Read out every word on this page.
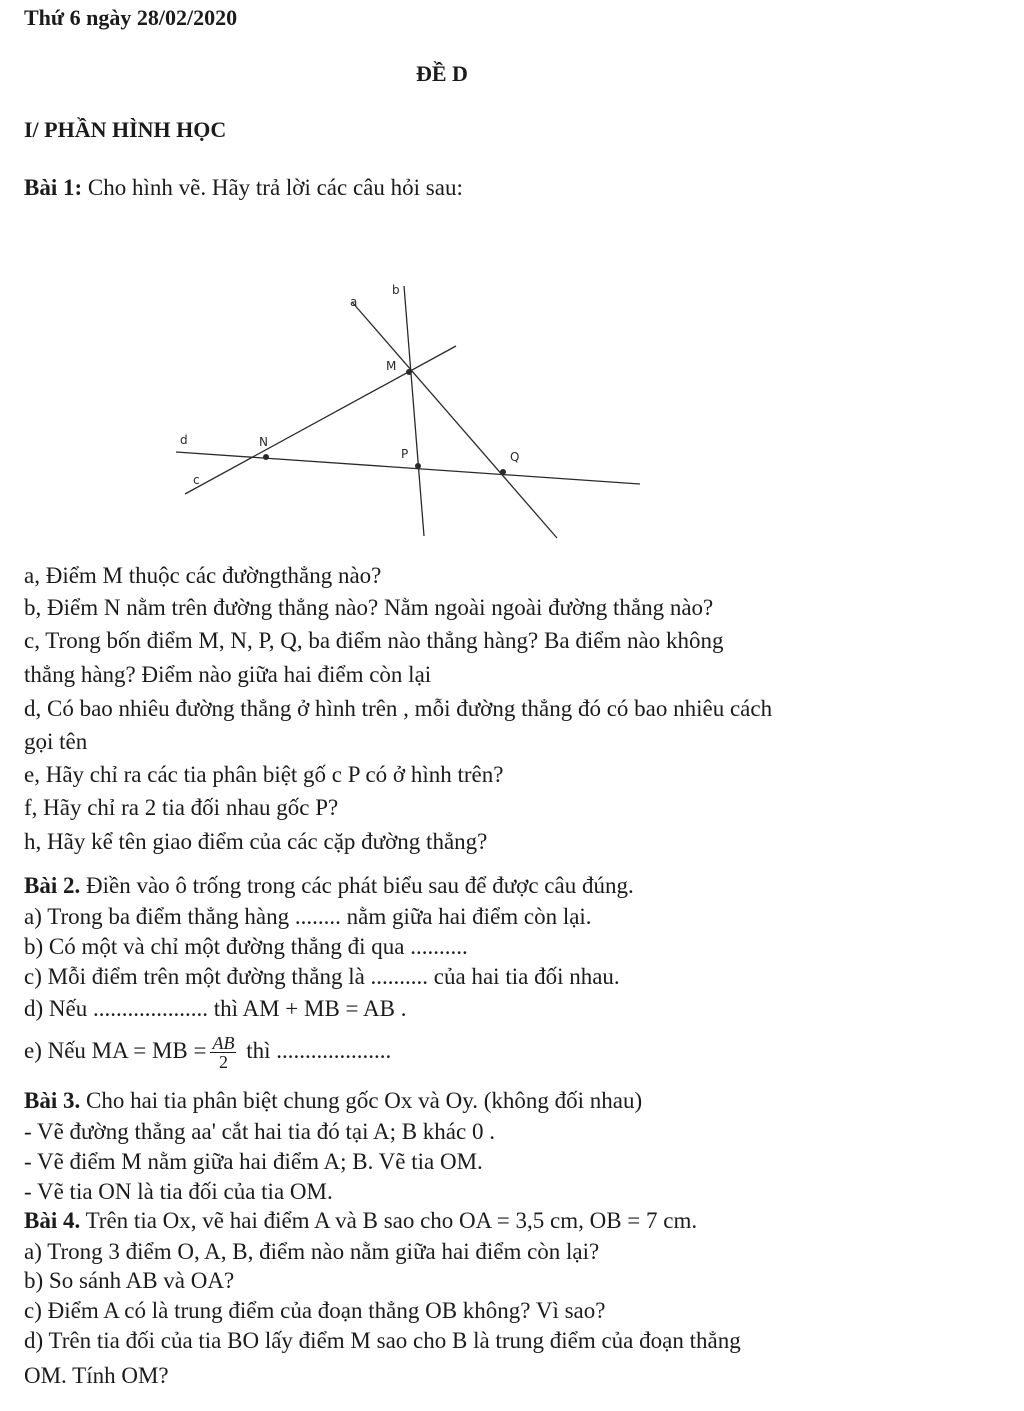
Thứ 6 ngày 28/02/2020
ĐỀ D
I/ PHẦN HÌNH HỌC
Bài 1: Cho hình vẽ. Hãy trả lời các câu hỏi sau:
a
b
c
d
M
N
P	Q
a, Điểm M thuộc các đườngthẳng nào?
b, Điểm N nằm trên đường thẳng nào? Nằm ngoài ngoài đường thẳng nào?
c, Trong bốn điểm M, N, P, Q, ba điểm nào thẳng hàng? Ba điểm nào không
thẳng hàng? Điểm nào giữa hai điểm còn lại
d, Có bao nhiêu đường thẳng ở hình trên , mỗi đường thẳng đó có bao nhiêu cách
gọi tên
e, Hãy chỉ ra các tia phân biệt gố c P có ở hình trên?
f, Hãy chỉ ra 2 tia đối nhau gốc P?
h, Hãy kể tên giao điểm của các cặp đường thẳng?
Bài 2. Điền vào ô trống trong các phát biểu sau để được câu đúng.
a) Trong ba điểm thẳng hàng ........ nằm giữa hai điểm còn lại.
b) Có một và chỉ một đường thẳng đi qua ..........
c) Mỗi điểm trên một đường thẳng là .......... của hai tia đối nhau.
d) Nếu .................... thì AM + MB = AB .
e) Nếu MA = MB = $\frac{AB}{2}$ thì ....................
Bài 3. Cho hai tia phân biệt chung gốc Ox và Oy. (không đối nhau)
- Vẽ đường thẳng aa' cắt hai tia đó tại A; B khác 0 .
- Vẽ điểm M nằm giữa hai điểm A; B. Vẽ tia OM.
- Vẽ tia ON là tia đối của tia OM.
Bài 4. Trên tia Ox, vẽ hai điểm A và B sao cho OA = 3,5 cm, OB = 7 cm.
a) Trong 3 điểm O, A, B, điểm nào nằm giữa hai điểm còn lại?
b) So sánh AB và OA?
c) Điểm A có là trung điểm của đoạn thẳng OB không? Vì sao?
d) Trên tia đối của tia BO lấy điểm M sao cho B là trung điểm của đoạn thẳng
OM. Tính OM?
